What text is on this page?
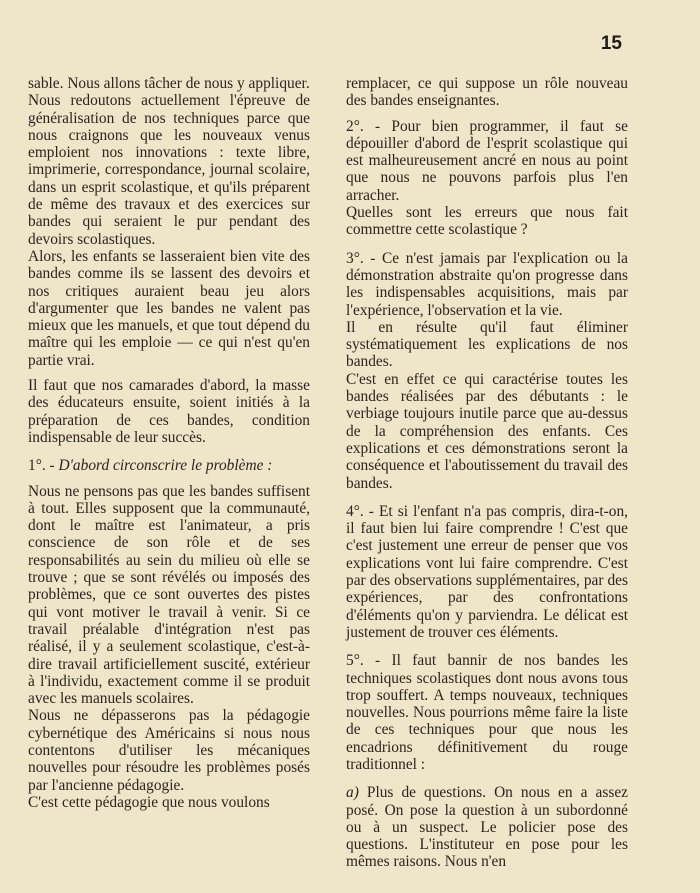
15

sable. Nous allons tâcher de nous y appliquer.

Nous redoutons actuellement l'épreuve de généralisation de nos techniques parce que nous craignons que les nouveaux venus emploient nos innovations : texte libre, imprimerie, correspondance, journal scolaire, dans un esprit scolastique, et qu'ils préparent de même des travaux et des exercices sur bandes qui seraient le pur pendant des devoirs scolastiques.

Alors, les enfants se lasseraient bien vite des bandes comme ils se lassent des devoirs et nos critiques auraient beau jeu alors d'argumenter que les bandes ne valent pas mieux que les manuels, et que tout dépend du maître qui les emploie — ce qui n'est qu'en partie vrai.

Il faut que nos camarades d'abord, la masse des éducateurs ensuite, soient initiés à la préparation de ces bandes, condition indispensable de leur succès.

1°. - D'abord circonscrire le problème :

Nous ne pensons pas que les bandes suffisent à tout. Elles supposent que la communauté, dont le maître est l'animateur, a pris conscience de son rôle et de ses responsabilités au sein du milieu où elle se trouve ; que se sont révélés ou imposés des problèmes, que ce sont ouvertes des pistes qui vont motiver le travail à venir. Si ce travail préalable d'intégration n'est pas réalisé, il y a seulement scolastique, c'est-à-dire travail artificiellement suscité, extérieur à l'individu, exactement comme il se produit avec les manuels scolaires.

Nous ne dépasserons pas la pédagogie cybernétique des Américains si nous nous contentons d'utiliser les mécaniques nouvelles pour résoudre les problèmes posés par l'ancienne pédagogie.

C'est cette pédagogie que nous voulons

remplacer, ce qui suppose un rôle nouveau des bandes enseignantes.

2°. - Pour bien programmer, il faut se dépouiller d'abord de l'esprit scolastique qui est malheureusement ancré en nous au point que nous ne pouvons parfois plus l'en arracher.

Quelles sont les erreurs que nous fait commettre cette scolastique ?

3°. - Ce n'est jamais par l'explication ou la démonstration abstraite qu'on progresse dans les indispensables acquisitions, mais par l'expérience, l'observation et la vie.

Il en résulte qu'il faut éliminer systématiquement les explications de nos bandes.

C'est en effet ce qui caractérise toutes les bandes réalisées par des débutants : le verbiage toujours inutile parce que au-dessus de la compréhension des enfants. Ces explications et ces démonstrations seront la conséquence et l'aboutissement du travail des bandes.

4°. - Et si l'enfant n'a pas compris, dira-t-on, il faut bien lui faire comprendre ! C'est que c'est justement une erreur de penser que vos explications vont lui faire comprendre. C'est par des observations supplémentaires, par des expériences, par des confrontations d'éléments qu'on y parviendra. Le délicat est justement de trouver ces éléments.

5°. - Il faut bannir de nos bandes les techniques scolastiques dont nous avons tous trop souffert. A temps nouveaux, techniques nouvelles. Nous pourrions même faire la liste de ces techniques pour que nous les encadrions définitivement du rouge traditionnel :

a) Plus de questions. On nous en a assez posé. On pose la question à un subordonné ou à un suspect. Le policier pose des questions. L'instituteur en pose pour les mêmes raisons. Nous n'en
